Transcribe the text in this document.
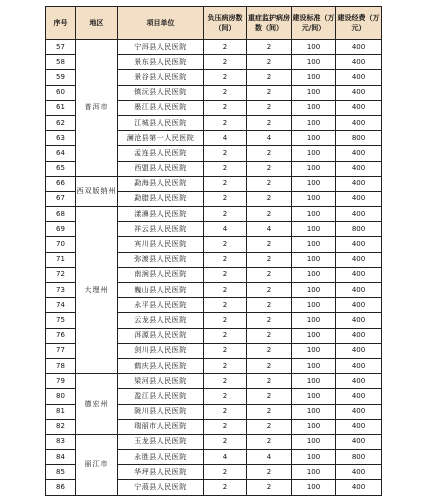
序号	地区	项目单位	负压病房数（间）	重症监护病房数（间）	建设标准（万元/间）	建设经费（万元）
57	普洱市	宁洱县人民医院	2	2	100	400
58		景东县人民医院	2	2	100	400
59		景谷县人民医院	2	2	100	400
60		镇沅县人民医院	2	2	100	400
61		墨江县人民医院	2	2	100	400
62		江城县人民医院	2	2	100	400
63		澜沧县第一人民医院	4	4	100	800
64		孟连县人民医院	2	2	100	400
65		西盟县人民医院	2	2	100	400
66	西双版纳州	勐海县人民医院	2	2	100	400
67		勐腊县人民医院	2	2	100	400
68	大理州	漾濞县人民医院	2	2	100	400
69		祥云县人民医院	4	4	100	800
70		宾川县人民医院	2	2	100	400
71		弥渡县人民医院	2	2	100	400
72		南涧县人民医院	2	2	100	400
73		巍山县人民医院	2	2	100	400
74		永平县人民医院	2	2	100	400
75		云龙县人民医院	2	2	100	400
76		洱源县人民医院	2	2	100	400
77		剑川县人民医院	2	2	100	400
78		鹤庆县人民医院	2	2	100	400
79	德宏州	梁河县人民医院	2	2	100	400
80		盈江县人民医院	2	2	100	400
81		陇川县人民医院	2	2	100	400
82		瑞丽市人民医院	2	2	100	400
83	丽江市	玉龙县人民医院	2	2	100	400
84		永胜县人民医院	4	4	100	800
85		华坪县人民医院	2	2	100	400
86		宁蒗县人民医院	2	2	100	400
